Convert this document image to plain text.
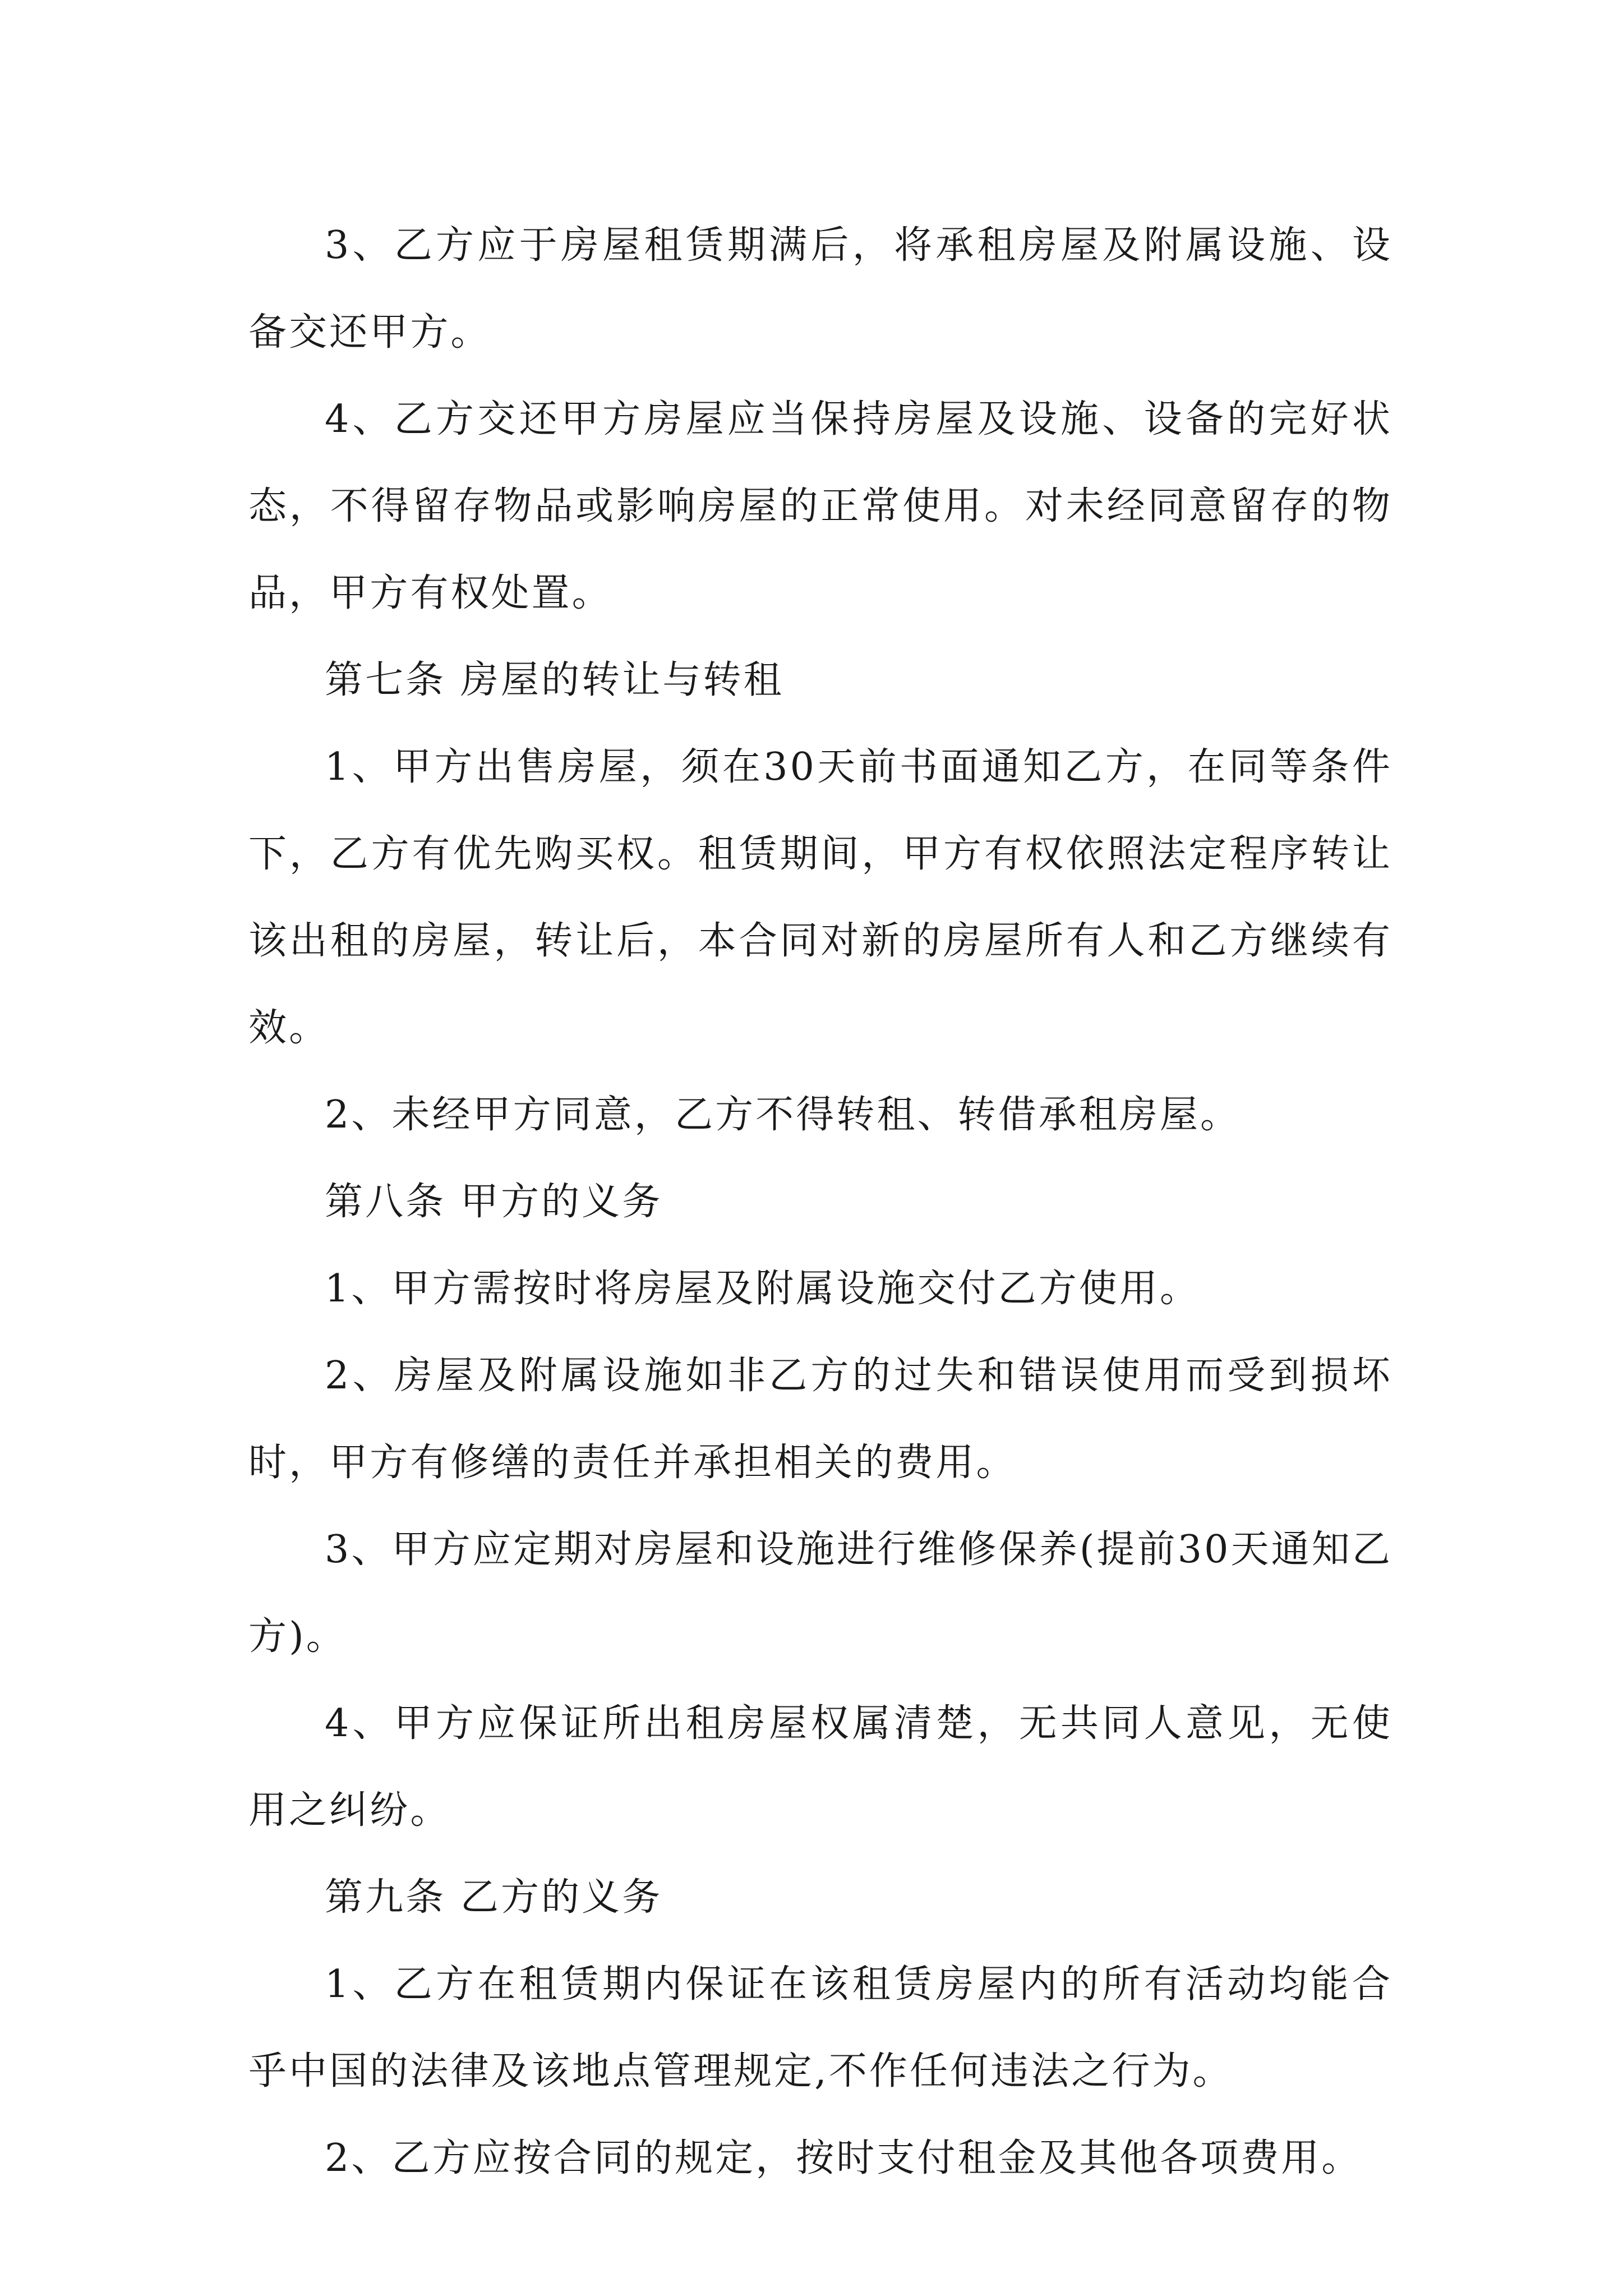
3、乙方应于房屋租赁期满后，将承租房屋及附属设施、设备交还甲方。

4、乙方交还甲方房屋应当保持房屋及设施、设备的完好状态，不得留存物品或影响房屋的正常使用。对未经同意留存的物品，甲方有权处置。

第七条 房屋的转让与转租

1、甲方出售房屋，须在30天前书面通知乙方，在同等条件下，乙方有优先购买权。租赁期间，甲方有权依照法定程序转让该出租的房屋，转让后，本合同对新的房屋所有人和乙方继续有效。

2、未经甲方同意，乙方不得转租、转借承租房屋。

第八条 甲方的义务

1、甲方需按时将房屋及附属设施交付乙方使用。

2、房屋及附属设施如非乙方的过失和错误使用而受到损坏时，甲方有修缮的责任并承担相关的费用。

3、甲方应定期对房屋和设施进行维修保养(提前30天通知乙方)。

4、甲方应保证所出租房屋权属清楚，无共同人意见，无使用之纠纷。

第九条 乙方的义务

1、乙方在租赁期内保证在该租赁房屋内的所有活动均能合乎中国的法律及该地点管理规定,不作任何违法之行为。

2、乙方应按合同的规定，按时支付租金及其他各项费用。
